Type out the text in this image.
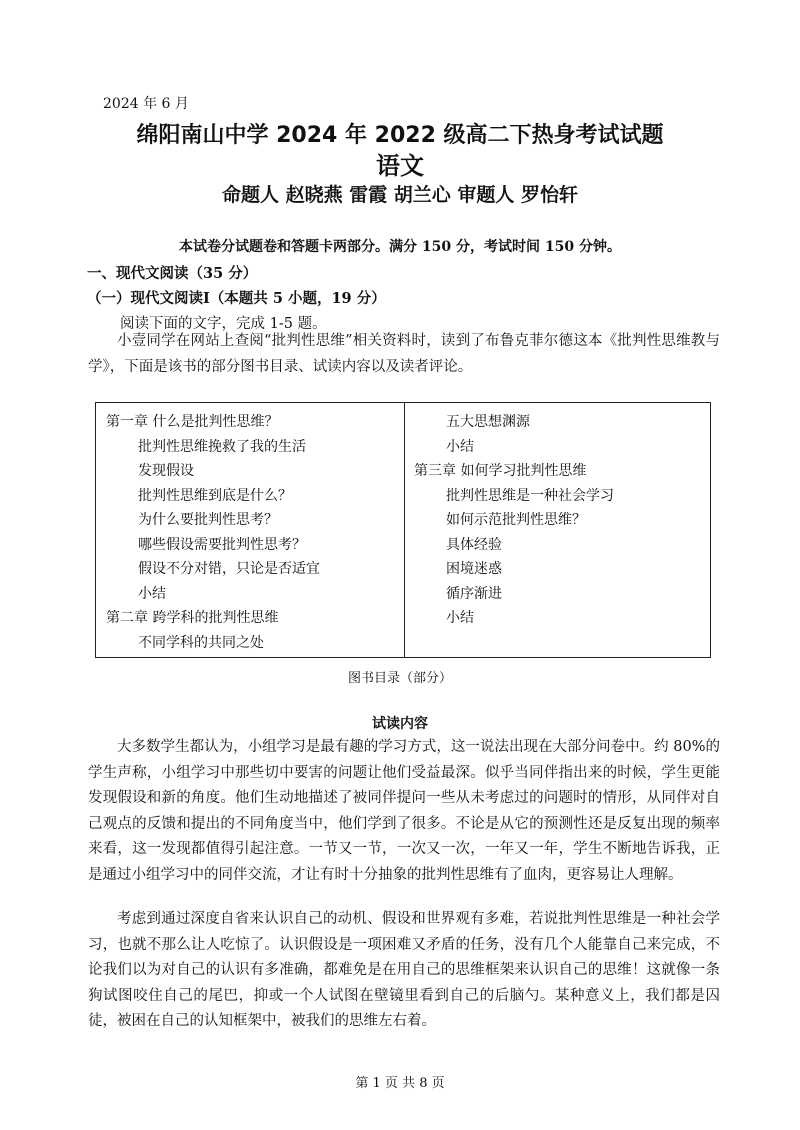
2024 年 6 月
绵阳南山中学 2024 年 2022 级高二下热身考试试题
语文
命题人 赵晓燕 雷霞 胡兰心 审题人 罗怡轩
本试卷分试题卷和答题卡两部分。满分 150 分，考试时间 150 分钟。
一、现代文阅读（35 分）
（一）现代文阅读Ⅰ（本题共 5 小题，19 分）
阅读下面的文字，完成 1-5 题。
小壹同学在网站上查阅“批判性思维”相关资料时，读到了布鲁克菲尔德这本《批判性思维教与学》，下面是该书的部分图书目录、试读内容以及读者评论。
第一章 什么是批判性思维？
批判性思维挽救了我的生活
发现假设
批判性思维到底是什么？
为什么要批判性思考？
哪些假设需要批判性思考？
假设不分对错，只论是否适宜
小结
第二章 跨学科的批判性思维
不同学科的共同之处
五大思想渊源
小结
第三章 如何学习批判性思维
批判性思维是一种社会学习
如何示范批判性思维？
具体经验
困境迷惑
循序渐进
小结
图书目录（部分）
试读内容
大多数学生都认为，小组学习是最有趣的学习方式，这一说法出现在大部分问卷中。约 80%的学生声称，小组学习中那些切中要害的问题让他们受益最深。似乎当同伴指出来的时候，学生更能发现假设和新的角度。他们生动地描述了被同伴提问一些从未考虑过的问题时的情形，从同伴对自己观点的反馈和提出的不同角度当中，他们学到了很多。不论是从它的预测性还是反复出现的频率来看，这一发现都值得引起注意。一节又一节，一次又一次，一年又一年，学生不断地告诉我，正是通过小组学习中的同伴交流，才让有时十分抽象的批判性思维有了血肉，更容易让人理解。
考虑到通过深度自省来认识自己的动机、假设和世界观有多难，若说批判性思维是一种社会学习，也就不那么让人吃惊了。认识假设是一项困难又矛盾的任务，没有几个人能靠自己来完成，不论我们以为对自己的认识有多准确，都难免是在用自己的思维框架来认识自己的思维！这就像一条狗试图咬住自己的尾巴，抑或一个人试图在壁镜里看到自己的后脑勺。某种意义上，我们都是囚徒，被困在自己的认知框架中，被我们的思维左右着。
第 1 页 共 8 页
